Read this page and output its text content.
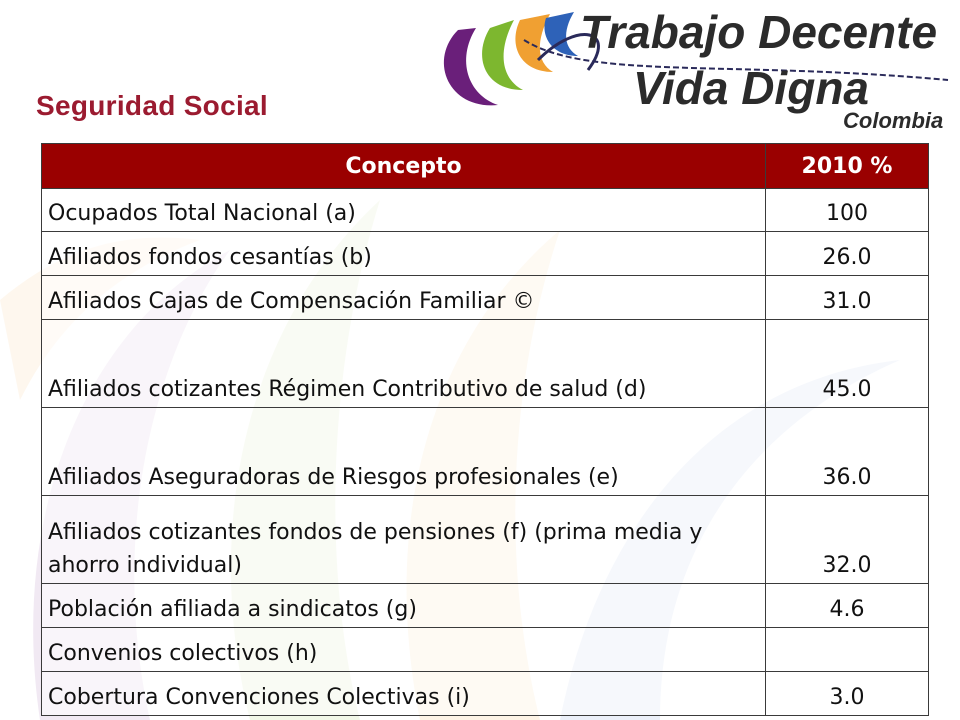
Trabajo Decente
Vida Digna
Colombia
Seguridad Social
Concepto	2010 %
Ocupados Total Nacional (a)	100
Afiliados fondos cesantías (b)	26.0
Afiliados Cajas de Compensación Familiar ©	31.0
Afiliados cotizantes Régimen Contributivo de salud (d)	45.0
Afiliados Aseguradoras de Riesgos profesionales (e)	36.0
Afiliados cotizantes fondos de pensiones (f) (prima media y ahorro individual)	32.0
Población afiliada a sindicatos (g)	4.6
Convenios colectivos (h)	
Cobertura Convenciones Colectivas (i)	3.0
